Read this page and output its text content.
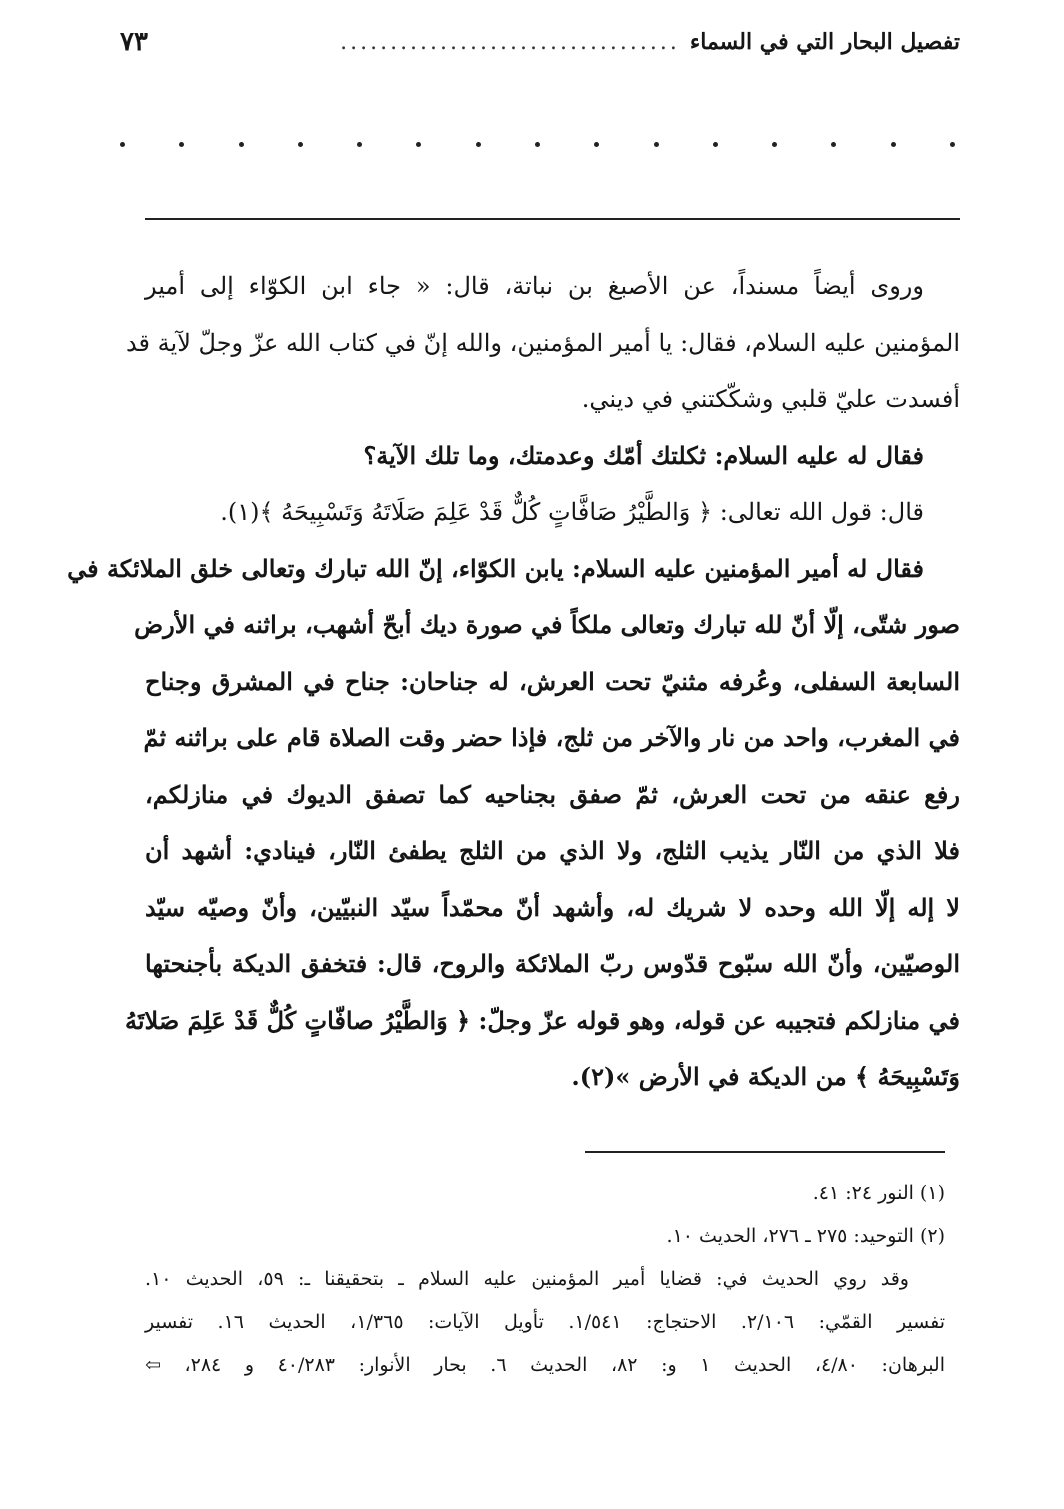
تفصيل البحار التي في السماء
..................................
٧٣
وروى أيضاً مسنداً، عن الأصبغ بن نباتة، قال: « جاء ابن الكوّاء إلى أمير
المؤمنين عليه السلام، فقال: يا أمير المؤمنين، والله إنّ في كتاب الله عزّ وجلّ لآية قد
أفسدت عليّ قلبي وشكّكتني في ديني.
فقال له عليه السلام: ثكلتك أمّك وعدمتك، وما تلك الآية؟
قال: قول الله تعالى: ﴿ وَالطَّيْرُ صَافَّاتٍ كُلٌّ قَدْ عَلِمَ صَلَاتَهُ وَتَسْبِيحَهُ ﴾(١).
فقال له أمير المؤمنين عليه السلام: يابن الكوّاء، إنّ الله تبارك وتعالى خلق الملائكة في
صور شتّى، إلّا أنّ لله تبارك وتعالى ملكاً في صورة ديك أبحّ أشهب، براثنه في الأرض
السابعة السفلى، وعُرفه مثنيّ تحت العرش، له جناحان: جناح في المشرق وجناح
في المغرب، واحد من نار والآخر من ثلج، فإذا حضر وقت الصلاة قام على براثنه ثمّ
رفع عنقه من تحت العرش، ثمّ صفق بجناحيه كما تصفق الديوك في منازلكم،
فلا الذي من النّار يذيب الثلج، ولا الذي من الثلج يطفئ النّار، فينادي: أشهد أن
لا إله إلّا الله وحده لا شريك له، وأشهد أنّ محمّداً سيّد النبيّين، وأنّ وصيّه سيّد
الوصيّين، وأنّ الله سبّوح قدّوس ربّ الملائكة والروح، قال: فتخفق الديكة بأجنحتها
في منازلكم فتجيبه عن قوله، وهو قوله عزّ وجلّ: ﴿ وَالطَّيْرُ صافّاتٍ كُلٌّ قَدْ عَلِمَ صَلاتَهُ
وَتَسْبِيحَهُ ﴾ من الديكة في الأرض »(٢).
(١) النور ٢٤: ٤١.
(٢) التوحيد: ٢٧٥ ـ ٢٧٦، الحديث ١٠.
وقد روي الحديث في: قضايا أمير المؤمنين عليه السلام ـ بتحقيقنا ـ: ٥٩، الحديث ١٠.
تفسير القمّي: ٢/١٠٦. الاحتجاج: ١/٥٤١. تأويل الآيات: ١/٣٦٥، الحديث ١٦. تفسير
البرهان: ٤/٨٠، الحديث ١ و: ٨٢، الحديث ٦. بحار الأنوار: ٤٠/٢٨٣ و ٢٨٤، ⇦
